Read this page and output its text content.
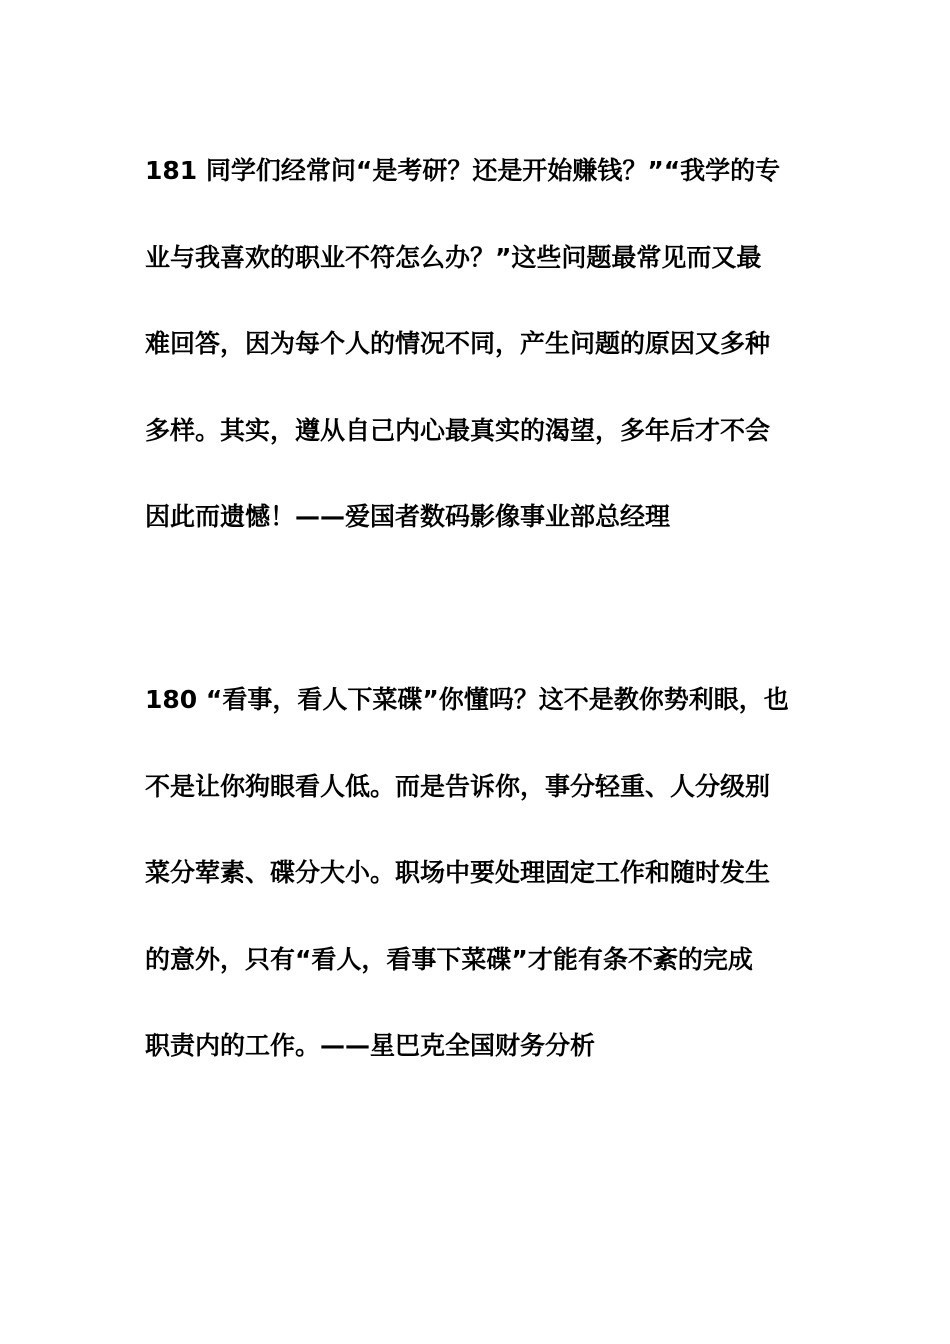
181 同学们经常问“是考研？还是开始赚钱？”“我学的专
业与我喜欢的职业不符怎么办？”这些问题最常见而又最
难回答，因为每个人的情况不同，产生问题的原因又多种
多样。其实，遵从自己内心最真实的渴望，多年后才不会
因此而遗憾！——爱国者数码影像事业部总经理
180 “看事，看人下菜碟”你懂吗？这不是教你势利眼，也
不是让你狗眼看人低。而是告诉你，事分轻重、人分级别
菜分荤素、碟分大小。职场中要处理固定工作和随时发生
的意外，只有“看人，看事下菜碟”才能有条不紊的完成
职责内的工作。——星巴克全国财务分析
